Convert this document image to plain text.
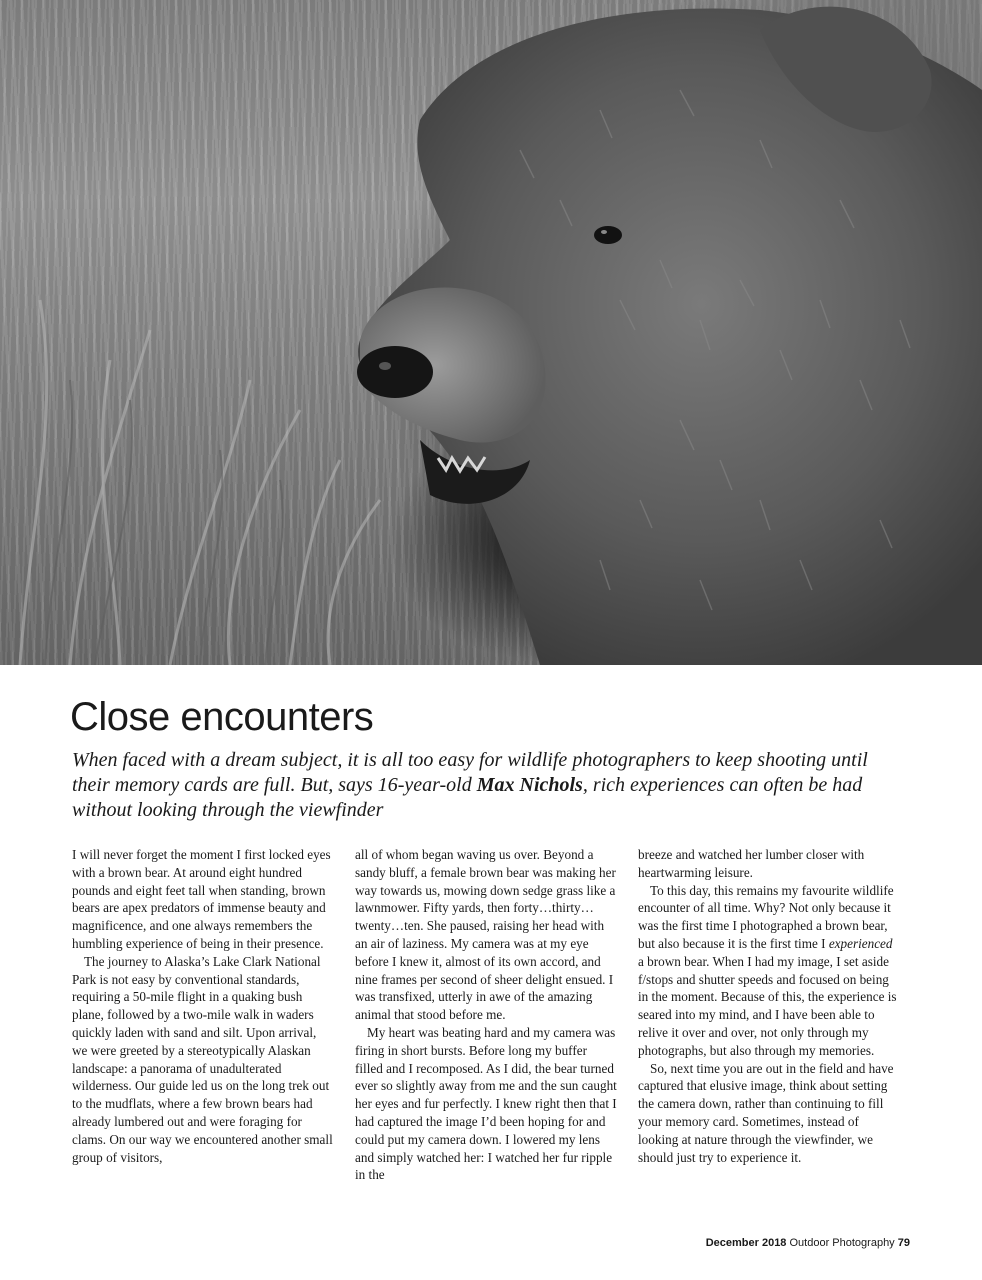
Close encounters

When faced with a dream subject, it is all too easy for wildlife photographers to keep shooting until their memory cards are full. But, says 16-year-old Max Nichols, rich experiences can often be had without looking through the viewfinder

I will never forget the moment I first locked eyes with a brown bear. At around eight hundred pounds and eight feet tall when standing, brown bears are apex predators of immense beauty and magnificence, and one always remembers the humbling experience of being in their presence.

The journey to Alaska’s Lake Clark National Park is not easy by conventional standards, requiring a 50-mile flight in a quaking bush plane, followed by a two-mile walk in waders quickly laden with sand and silt. Upon arrival, we were greeted by a stereotypically Alaskan landscape: a panorama of unadulterated wilderness. Our guide led us on the long trek out to the mudflats, where a few brown bears had already lumbered out and were foraging for clams. On our way we encountered another small group of visitors,

all of whom began waving us over. Beyond a sandy bluff, a female brown bear was making her way towards us, mowing down sedge grass like a lawnmower. Fifty yards, then forty…thirty…twenty…ten. She paused, raising her head with an air of laziness. My camera was at my eye before I knew it, almost of its own accord, and nine frames per second of sheer delight ensued. I was transfixed, utterly in awe of the amazing animal that stood before me.

My heart was beating hard and my camera was firing in short bursts. Before long my buffer filled and I recomposed. As I did, the bear turned ever so slightly away from me and the sun caught her eyes and fur perfectly. I knew right then that I had captured the image I’d been hoping for and could put my camera down. I lowered my lens and simply watched her: I watched her fur ripple in the

breeze and watched her lumber closer with heartwarming leisure.

To this day, this remains my favourite wildlife encounter of all time. Why? Not only because it was the first time I photographed a brown bear, but also because it is the first time I experienced a brown bear. When I had my image, I set aside f/stops and shutter speeds and focused on being in the moment. Because of this, the experience is seared into my mind, and I have been able to relive it over and over, not only through my photographs, but also through my memories.

So, next time you are out in the field and have captured that elusive image, think about setting the camera down, rather than continuing to fill your memory card. Sometimes, instead of looking at nature through the viewfinder, we should just try to experience it.

December 2018 Outdoor Photography 79
